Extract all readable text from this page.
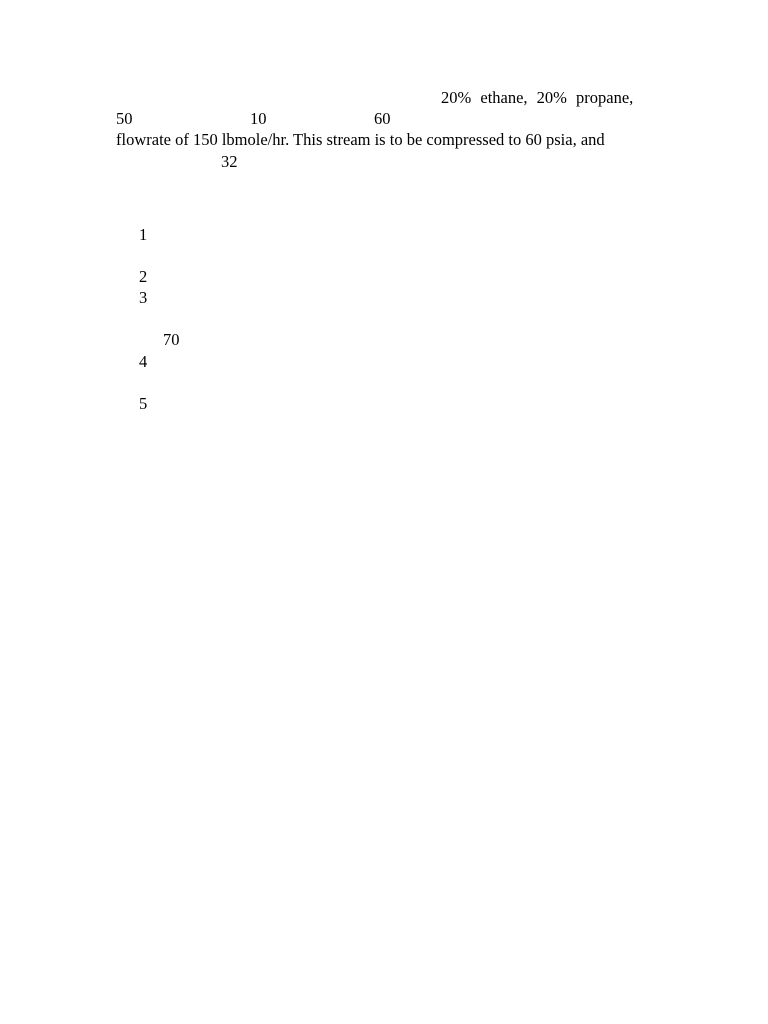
20% ethane, 20% propane,
50	10	60
flowrate of 150 lbmole/hr. This stream is to be compressed to 60 psia, and
32
1
2
3
70
4
5
